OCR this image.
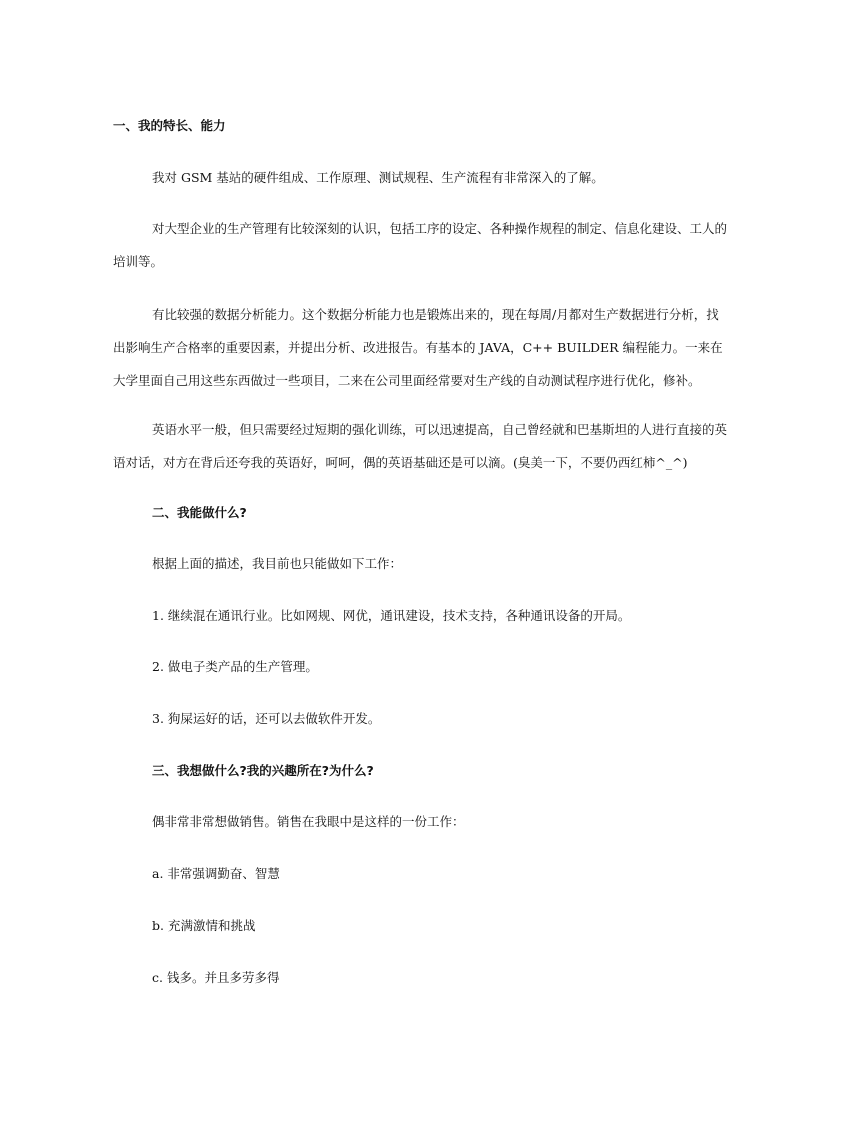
一、我的特长、能力
我对 GSM 基站的硬件组成、工作原理、测试规程、生产流程有非常深入的了解。
对大型企业的生产管理有比较深刻的认识，包括工序的设定、各种操作规程的制定、信息化建设、工人的
培训等。
有比较强的数据分析能力。这个数据分析能力也是锻炼出来的，现在每周/月都对生产数据进行分析，找
出影响生产合格率的重要因素，并提出分析、改进报告。有基本的 JAVA，C++ BUILDER 编程能力。一来在
大学里面自己用这些东西做过一些项目，二来在公司里面经常要对生产线的自动测试程序进行优化，修补。
英语水平一般，但只需要经过短期的强化训练，可以迅速提高，自己曾经就和巴基斯坦的人进行直接的英
语对话，对方在背后还夸我的英语好，呵呵，偶的英语基础还是可以滴。(臭美一下，不要仍西红柿^_^)
二、我能做什么?
根据上面的描述，我目前也只能做如下工作：
1. 继续混在通讯行业。比如网规、网优，通讯建设，技术支持，各种通讯设备的开局。
2. 做电子类产品的生产管理。
3. 狗屎运好的话，还可以去做软件开发。
三、我想做什么?我的兴趣所在?为什么?
偶非常非常想做销售。销售在我眼中是这样的一份工作：
a. 非常强调勤奋、智慧
b. 充满激情和挑战
c. 钱多。并且多劳多得
